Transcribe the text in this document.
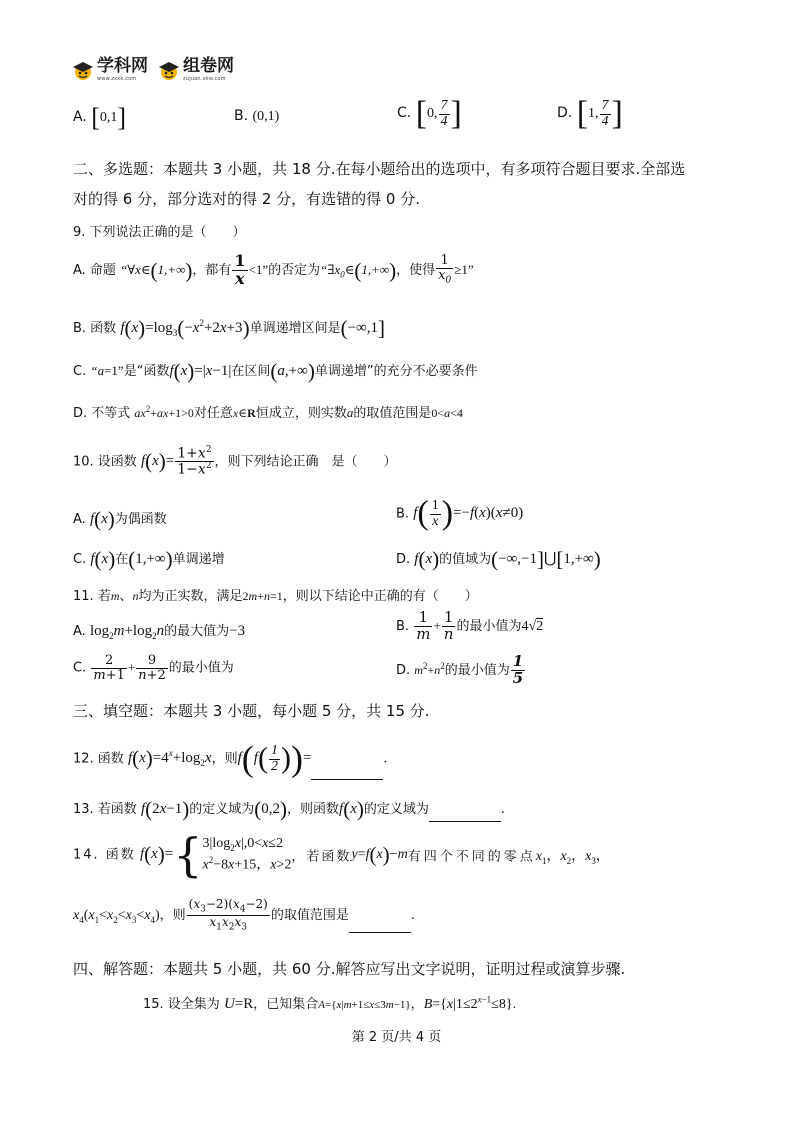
学科网
www.zxxk.com
组卷网
zujuan.xkw.com
A. [0,1]	B. (0,1)	C. [0, $\frac{7}{4}$ ]	D. [1, $\frac{7}{4}$ ]
二、多选题：本题共 3 小题，共 18 分.在每小题给出的选项中，有多项符合题目要求.全部选
对的得 6 分，部分选对的得 2 分，有选错的得 0 分.
9. 下列说法正确的是（　　）
A. 命题 “∀x∈(1,+∞)，都有 $\frac{1}{x} <1$”的否定为“$\exists x_0\in(1,+\infty)$，使得 $\frac{1}{x_0} \ge 1$”
B. 函数 $f(x)=\log_3(-x^2+2x+3)$单调递增区间是(−∞,1]
C. “a=1”是“函数f(x)=|x−1|在区间(a,+∞)单调递增”的充分不必要条件
D. 不等式 $ax^2+ax+1>0$对任意x∈R恒成立，则实数a的取值范围是0<a<4
10. 设函数 $f(x)= \frac{1+x^2}{1-x^2}$ ，则下列结论正确　是（　　）
A. f(x)为偶函数	B. $f( \frac{1}{x} )=-f(x)(x\ne 0)$
C. f(x)在(1,+∞)单调递增	D. f(x)的值域为(−∞,−1]⋃[1,+∞)
11. 若m、n均为正实数，满足2m+n=1，则以下结论中正确的有（　　）
A. $\log_2m+\log_2n$的最大值为−3	B. $\frac{1}{m} + \frac{1}{n}$ 的最小值为4√2
C. $\frac{2}{m+1} + \frac{9}{n+2}$ 的最小值为	D. $m^2+n^2$的最小值为 $\frac{1}{5}$
三、填空题：本题共 3 小题，每小题 5 分，共 15 分.
12. 函数 $f(x)=4^x+\log_2x$，则$f(f( \frac{1}{2}$ ))=	.
13. 若函数 f(2x−1)的定义域为(0,2)，则函数f(x)的定义域为	.
14. 函数 f(x)={ $3|\log_2x|,0<x\le 2$
$x^2-8x+15$，x>2
，若函数y=f(x)−m有四个不同的零点$x_1$，$x_2$，$x_3$，
$x_4(x_1<x_2<x_3<x_4)$，则 $\frac{(x_3-2)(x_4-2)}{x_1x_2x_3}$ 的取值范围是	.
四、解答题：本题共 5 小题，共 60 分.解答应写出文字说明，证明过程或演算步骤.
15. 设全集为 U=R，已知集合A={x|m+1≤x≤3m−1}，$B=\{x|1\le 2^{x-1}\le 8\}$.
第 2 页/共 4 页
